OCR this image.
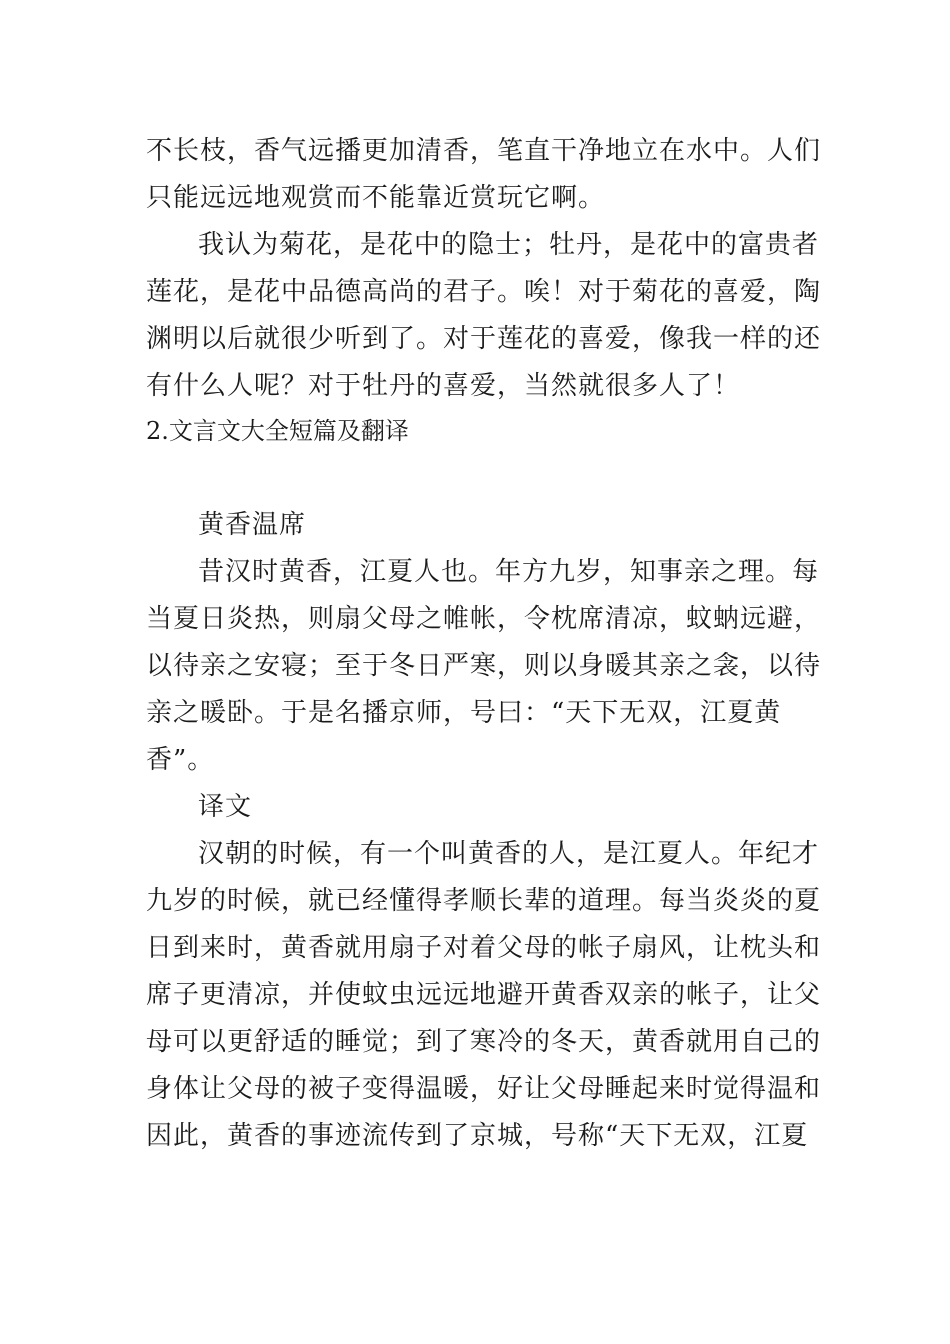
不长枝，香气远播更加清香，笔直干净地立在水中。人们
只能远远地观赏而不能靠近赏玩它啊。
我认为菊花，是花中的隐士；牡丹，是花中的富贵者
莲花，是花中品德高尚的君子。唉！对于菊花的喜爱，陶
渊明以后就很少听到了。对于莲花的喜爱，像我一样的还
有什么人呢？对于牡丹的喜爱，当然就很多人了！
2.文言文大全短篇及翻译
黄香温席
昔汉时黄香，江夏人也。年方九岁，知事亲之理。每
当夏日炎热，则扇父母之帷帐，令枕席清凉，蚊蚋远避，
以待亲之安寝；至于冬日严寒，则以身暖其亲之衾，以待
亲之暖卧。于是名播京师，号曰：“天下无双，江夏黄
香”。
译文
汉朝的时候，有一个叫黄香的人，是江夏人。年纪才
九岁的时候，就已经懂得孝顺长辈的道理。每当炎炎的夏
日到来时，黄香就用扇子对着父母的帐子扇风，让枕头和
席子更清凉，并使蚊虫远远地避开黄香双亲的帐子，让父
母可以更舒适的睡觉；到了寒冷的冬天，黄香就用自己的
身体让父母的被子变得温暖，好让父母睡起来时觉得温和
因此，黄香的事迹流传到了京城，号称“天下无双，江夏
